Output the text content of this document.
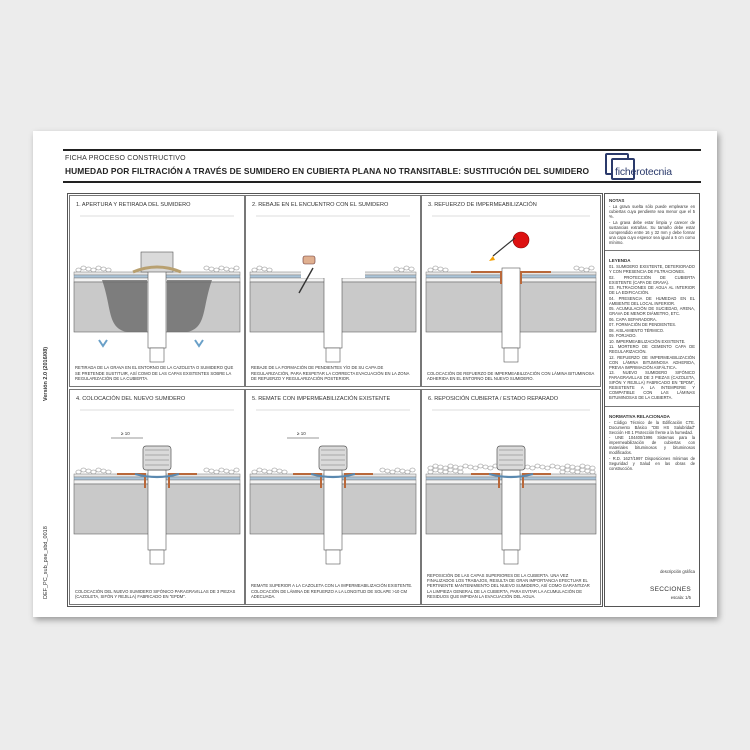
FICHA PROCESO CONSTRUCTIVO
HUMEDAD POR FILTRACIÓN A TRAVÉS DE SUMIDERO EN CUBIERTA PLANA NO TRANSITABLE: SUSTITUCIÓN DEL SUMIDERO ficherotecnia
Versión 2.0 (2016/08)
DEF_PC_sub_pse_sbd_0018
1. APERTURA Y RETIRADA DEL SUMIDERO
RETIRADA DE LA GRAVA EN EL ENTORNO DE LA CAZOLETA O SUMIDERO QUE SE PRETENDE SUSTITUIR, ASÍ COMO DE LAS CAPAS EXISTENTES SOBRE LA REGULARIZACIÓN DE LA CUBIERTA.
2. REBAJE EN EL ENCUENTRO CON EL SUMIDERO
REBAJE DE LA FORMACIÓN DE PENDIENTES Y/O DE SU CAPA DE REGULARIZACIÓN, PARA RESPETAR LA CORRECTA EVACUACIÓN EN LA ZONA DE REFUERZO Y REGULARIZACIÓN POSTERIOR.
3. REFUERZO DE IMPERMEABILIZACIÓN
COLOCACIÓN DE REFUERZO DE IMPERMEABILIZACIÓN CON LÁMINA BITUMINOSA ADHERIDA EN EL ENTORNO DEL NUEVO SUMIDERO.
4. COLOCACIÓN DEL NUEVO SUMIDERO
≥ 10
COLOCACIÓN DEL NUEVO SUMIDERO SIFÓNICO PARAGRAVILLAS DE 3 PIEZAS (CAZOLETA, SIFÓN Y REJILLA) FABRICADO EN "EPDM".
5. REMATE CON IMPERMEABILIZACIÓN EXISTENTE
≥ 10
REMATE SUPERIOR A LA CAZOLETA CON LA IMPERMEABILIZACIÓN EXISTENTE. COLOCACIÓN DE LÁMINA DE REFUERZO A LA LONGITUD DE SOLAPE >10 CM ADECUADA.
6. REPOSICIÓN CUBIERTA / ESTADO REPARADO
REPOSICIÓN DE LAS CAPAS SUPERIORES DE LA CUBIERTA. UNA VEZ FINALIZADOS LOS TRABAJOS, RESULTA DE GRAN IMPORTANCIA EFECTUAR EL PERTINENTE MANTENIMIENTO DEL NUEVO SUMIDERO, ASÍ COMO GARANTIZAR LA LIMPIEZA GENERAL DE LA CUBIERTA, PARA EVITAR LA ACUMULACIÓN DE RESIDUOS QUE IMPIDAN LA EVACUACIÓN DEL AGUA.
NOTAS
- La grava suelta sólo puede emplearse en cubiertas cuya pendiente sea menor que el 5 %.
- La grava debe estar limpia y carecer de sustancias extrañas. Su tamaño debe estar comprendido entre 16 y 32 mm y debe formar una capa cuyo espesor sea igual a 5 cm como mínimo.
LEYENDA
01. SUMIDERO EXISTENTE, DETERIORADO Y CON PRESENCIA DE FILTRACIONES.
02. PROTECCIÓN DE CUBIERTA EXISTENTE (CAPA DE GRAVA).
03. FILTRACIONES DE AGUA AL INTERIOR DE LA EDIFICACIÓN.
04. PRESENCIA DE HUMEDAD EN EL AMBIENTE DEL LOCAL INFERIOR.
05. ACUMULACIÓN DE SUCIEDAD, ARENA, GRAVA DE MENOR DIÁMETRO, ETC.
06. CAPA SEPARADORA.
07. FORMACIÓN DE PENDIENTES.
08. AISLAMIENTO TÉRMICO.
09. FORJADO.
10. IMPERMEABILIZACIÓN EXISTENTE.
11. MORTERO DE CEMENTO CAPA DE REGULARIZACIÓN.
12. REFUERZO DE IMPERMEABILIZACIÓN CON LÁMINA BITUMINOSA ADHERIDA, PREVIA IMPRIMACIÓN ASFÁLTICA.
13. NUEVO SUMIDERO SIFÓNICO PARAGRAVILLAS DE 3 PIEZAS (CAZOLETA, SIFÓN Y REJILLA) FABRICADO EN "EPDM", RESISTENTE A LA INTEMPERIE Y COMPATIBLE CON LAS LÁMINAS BITUMINOSAS DE LA CUBIERTA.
NORMATIVA RELACIONADA
- Código Técnico de la Edificación CTE. Documento Básico "DB HS Salubridad" Sección HS 1 Protección frente a la humedad.
- UNE 104400/1996 Sistemas para la impermeabilización de cubiertas con materiales bituminosos y bituminosos modificados.
- R.D. 1627/1997 Disposiciones mínimas de Seguridad y Salud en las obras de construcción.
descripción gráfica
SECCIONES
escala: 1/5
